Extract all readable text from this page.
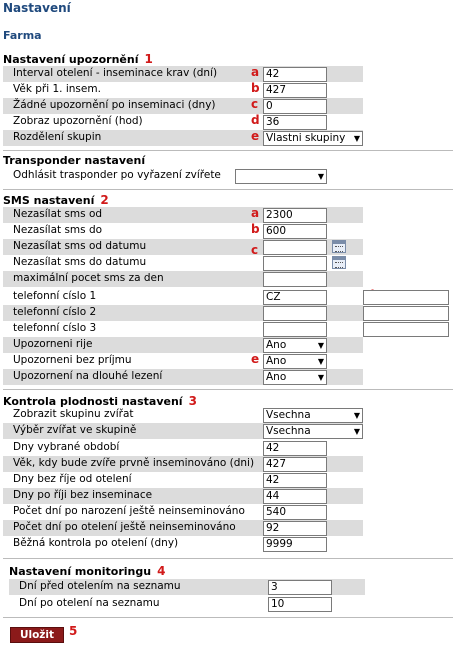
Nastavení
Farma
Nastavení upozornění 1
Interval otelení - inseminace krav (dní)	a 42
Věk při 1. insem.	b 427
Žádné upozornění po inseminaci (dny)	c 0
Zobraz upozornění (hod)	d 36
Rozdělení skupin	e Vlastni skupiny ▼
Transponder nastavení
Odhlásit trasponder po vyřazení zvířete	▼
SMS nastavení 2
Nezasílat sms od	a 2300
Nezasílat sms do	b 600
Nezasílat sms od datumu	c
Nezasílat sms do datumu
maximální pocet sms za den
telefonní císlo 1	CZ
telefonní císlo 2
telefonní císlo 3
Upozorneni rije	Ano	▼
Upozorneni bez príjmu	e Ano	▼
Upozornení na dlouhé lezení	Ano	▼
Kontrola plodnosti nastavení 3
Zobrazit skupinu zvířat	Vsechna	▼
Výběr zvířat ve skupině	Vsechna	▼
Dny vybrané období	42
Věk, kdy bude zvíře prvně inseminováno (dni) 427
Dny bez říje od otelení	42
Dny po říji bez inseminace	44
Počet dní po narození ještě neinseminováno 540
Počet dní po otelení ještě neinseminováno	92
Běžná kontrola po otelení (dny)	9999
Nastavení monitoringu 4
Dní před otelením na seznamu	3
Dní po otelení na seznamu	10
Uložit	5
